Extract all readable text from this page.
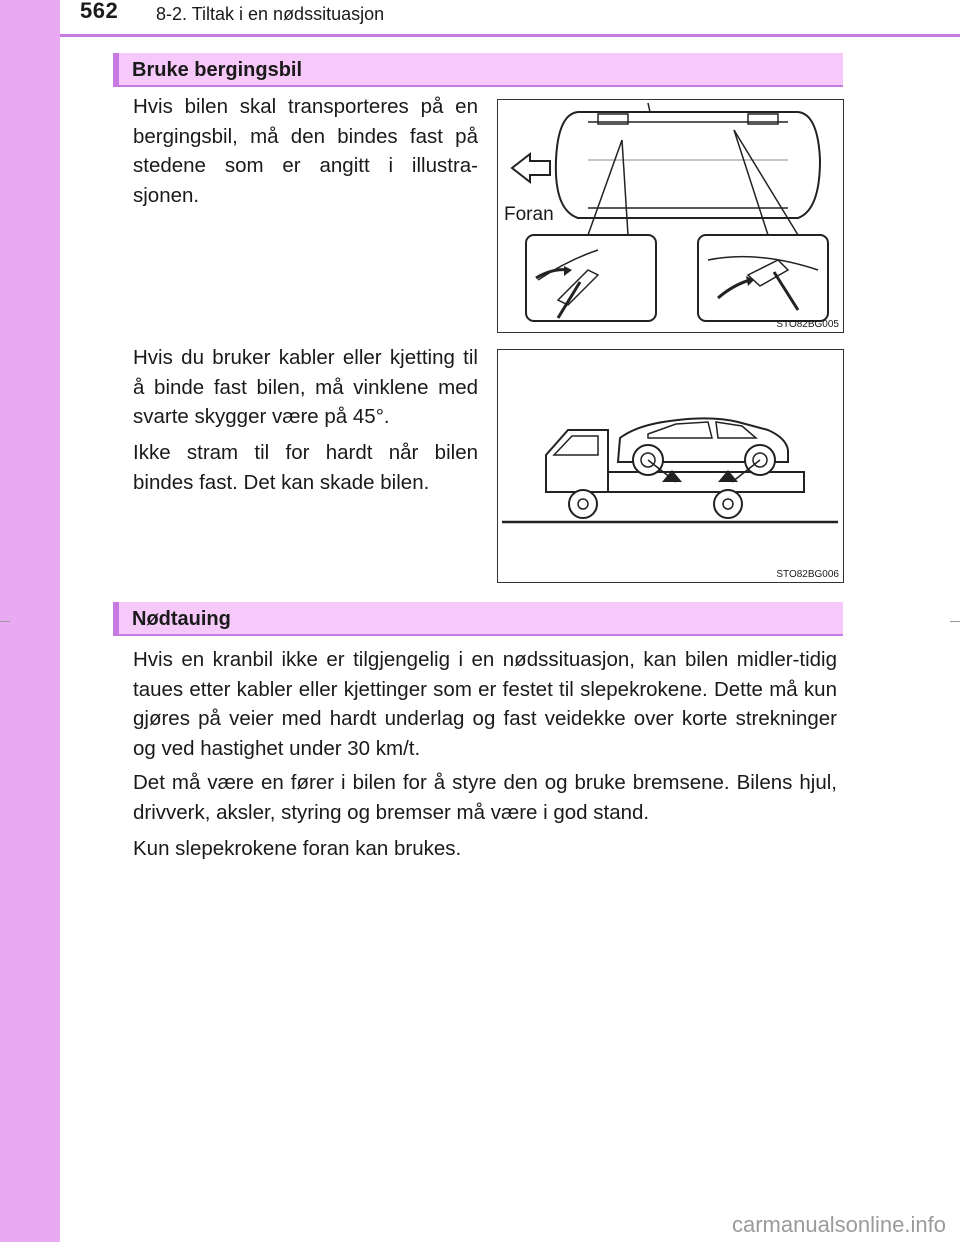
562 8-2. Tiltak i en nødssituasjon
Bruke bergingsbil

Hvis bilen skal transporteres på en bergingsbil, må den bindes fast på stedene som er angitt i illustra-sjonen.

Foran
STO82BG005

Hvis du bruker kabler eller kjetting til å binde fast bilen, må vinklene med svarte skygger være på 45°.

Ikke stram til for hardt når bilen bindes fast. Det kan skade bilen.

STO82BG006
Nødtauing

Hvis en kranbil ikke er tilgjengelig i en nødssituasjon, kan bilen midler-tidig taues etter kabler eller kjettinger som er festet til slepekrokene. Dette må kun gjøres på veier med hardt underlag og fast veidekke over korte strekninger og ved hastighet under 30 km/t.

Det må være en fører i bilen for å styre den og bruke bremsene. Bilens hjul, drivverk, aksler, styring og bremser må være i god stand.

Kun slepekrokene foran kan brukes.

carmanualsonline.info
